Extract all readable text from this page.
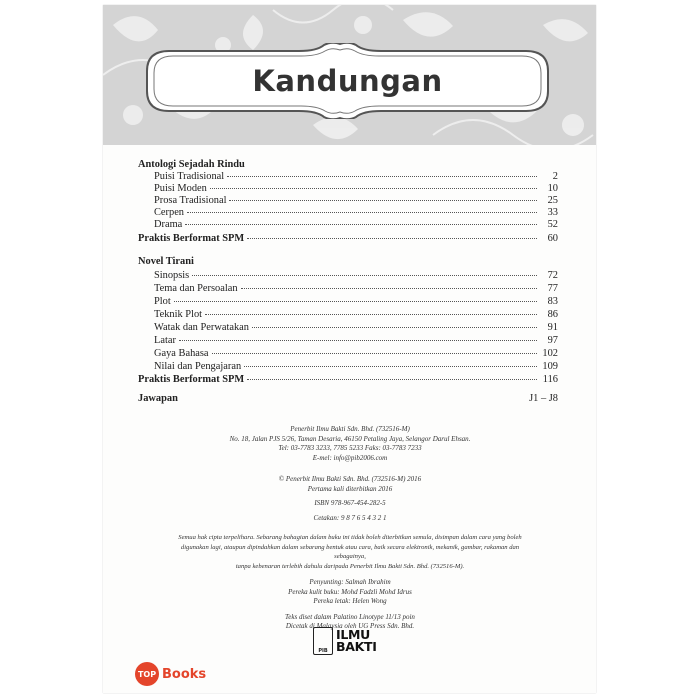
Kandungan
Antologi Sejadah Rindu
Puisi Tradisional	2
Puisi Moden	10
Prosa Tradisional	25
Cerpen	33
Drama	52
Praktis Berformat SPM	60
Novel Tirani
Sinopsis	72
Tema dan Persoalan	77
Plot	83
Teknik Plot	86
Watak dan Perwatakan	91
Latar	97
Gaya Bahasa	102
Nilai dan Pengajaran	109
Praktis Berformat SPM	116
Jawapan	J1 – J8
Penerbit Ilmu Bakti Sdn. Bhd. (732516-M)
No. 18, Jalan PJS 5/26, Taman Desaria, 46150 Petaling Jaya, Selangor Darul Ehsan.
Tel: 03-7783 3233, 7785 5233 Faks: 03-7783 7233
E-mel: info@pib2006.com
© Penerbit Ilmu Bakti Sdn. Bhd. (732516-M) 2016
Pertama kali diterbitkan 2016
ISBN 978-967-454-282-5
Cetakan: 9 8 7 6 5 4 3 2 1
Semua hak cipta terpelihara. Sebarang bahagian dalam buku ini tidak boleh diterbitkan semula, disimpan dalam cara yang boleh
digunakan lagi, ataupun dipindahkan dalam sebarang bentuk atau cara, baik secara elektronik, mekanik, gambar, rakaman dan
sebagainya,
tanpa kebenaran terlebih dahulu daripada Penerbit Ilmu Bakti Sdn. Bhd. (732516-M).
Penyunting: Salmah Ibrahim
Pereka kulit buku: Mohd Fadzli Mohd Idrus
Pereka letak: Helen Wong
Teks diset dalam Palatino Linotype 11/13 poin
Dicetak di Malaysia oleh UG Press Sdn. Bhd.
PIB
ILMU
BAKTI
TOP Books
